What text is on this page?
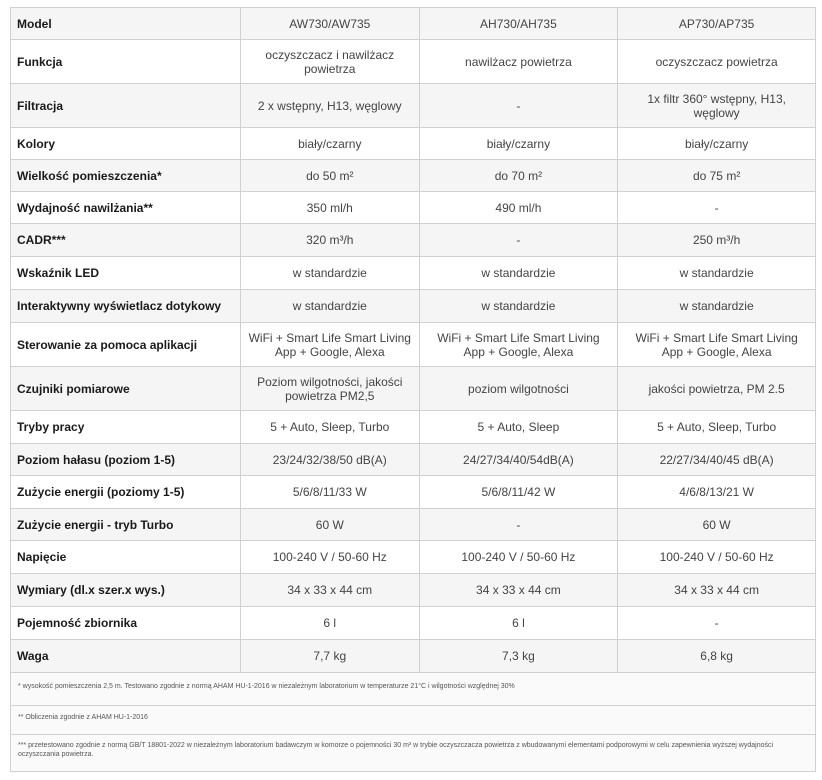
Model	AW730/AW735	AH730/AH735	AP730/AP735
Funkcja	oczyszczacz i nawilżacz powietrza	nawilżacz powietrza	oczyszczacz powietrza
Filtracja	2 x wstępny, H13, węglowy	-	1x filtr 360° wstępny, H13, węglowy
Kolory	biały/czarny	biały/czarny	biały/czarny
Wielkość pomieszczenia*	do 50 m²	do 70 m²	do 75 m²
Wydajność nawilżania**	350 ml/h	490 ml/h	-
CADR***	320 m³/h	-	250 m³/h
Wskaźnik LED	w standardzie	w standardzie	w standardzie
Interaktywny wyświetlacz dotykowy	w standardzie	w standardzie	w standardzie
Sterowanie za pomoca aplikacji	WiFi + Smart Life Smart Living App + Google, Alexa	WiFi + Smart Life Smart Living App + Google, Alexa	WiFi + Smart Life Smart Living App + Google, Alexa
Czujniki pomiarowe	Poziom wilgotności, jakości powietrza PM2,5	poziom wilgotności	jakości powietrza, PM 2.5
Tryby pracy	5 + Auto, Sleep, Turbo	5 + Auto, Sleep	5 + Auto, Sleep, Turbo
Poziom hałasu (poziom 1-5)	23/24/32/38/50 dB(A)	24/27/34/40/54dB(A)	22/27/34/40/45 dB(A)
Zużycie energii (poziomy 1-5)	5/6/8/11/33 W	5/6/8/11/42 W	4/6/8/13/21 W
Zużycie energii - tryb Turbo	60 W	-	60 W
Napięcie	100-240 V / 50-60 Hz	100-240 V / 50-60 Hz	100-240 V / 50-60 Hz
Wymiary (dl.x szer.x wys.)	34 x 33 x 44 cm	34 x 33 x 44 cm	34 x 33 x 44 cm
Pojemność zbiornika	6 l	6 l	-
Waga	7,7 kg	7,3 kg	6,8 kg
* wysokość pomieszczenia 2,5 m. Testowano zgodnie z normą AHAM HU-1-2016 w niezależnym laboratorium w temperaturze 21°C i wilgotności względnej 30%
** Obliczenia zgodnie z AHAM HU-1-2016
*** przetestowano zgodnie z normą GB/T 18801-2022 w niezależnym laboratorium badawczym w komorze o pojemności 30 m³ w trybie oczyszczacza powietrza z wbudowanymi elementami podporowymi w celu zapewnienia wyższej wydajności oczyszczania powietrza.
